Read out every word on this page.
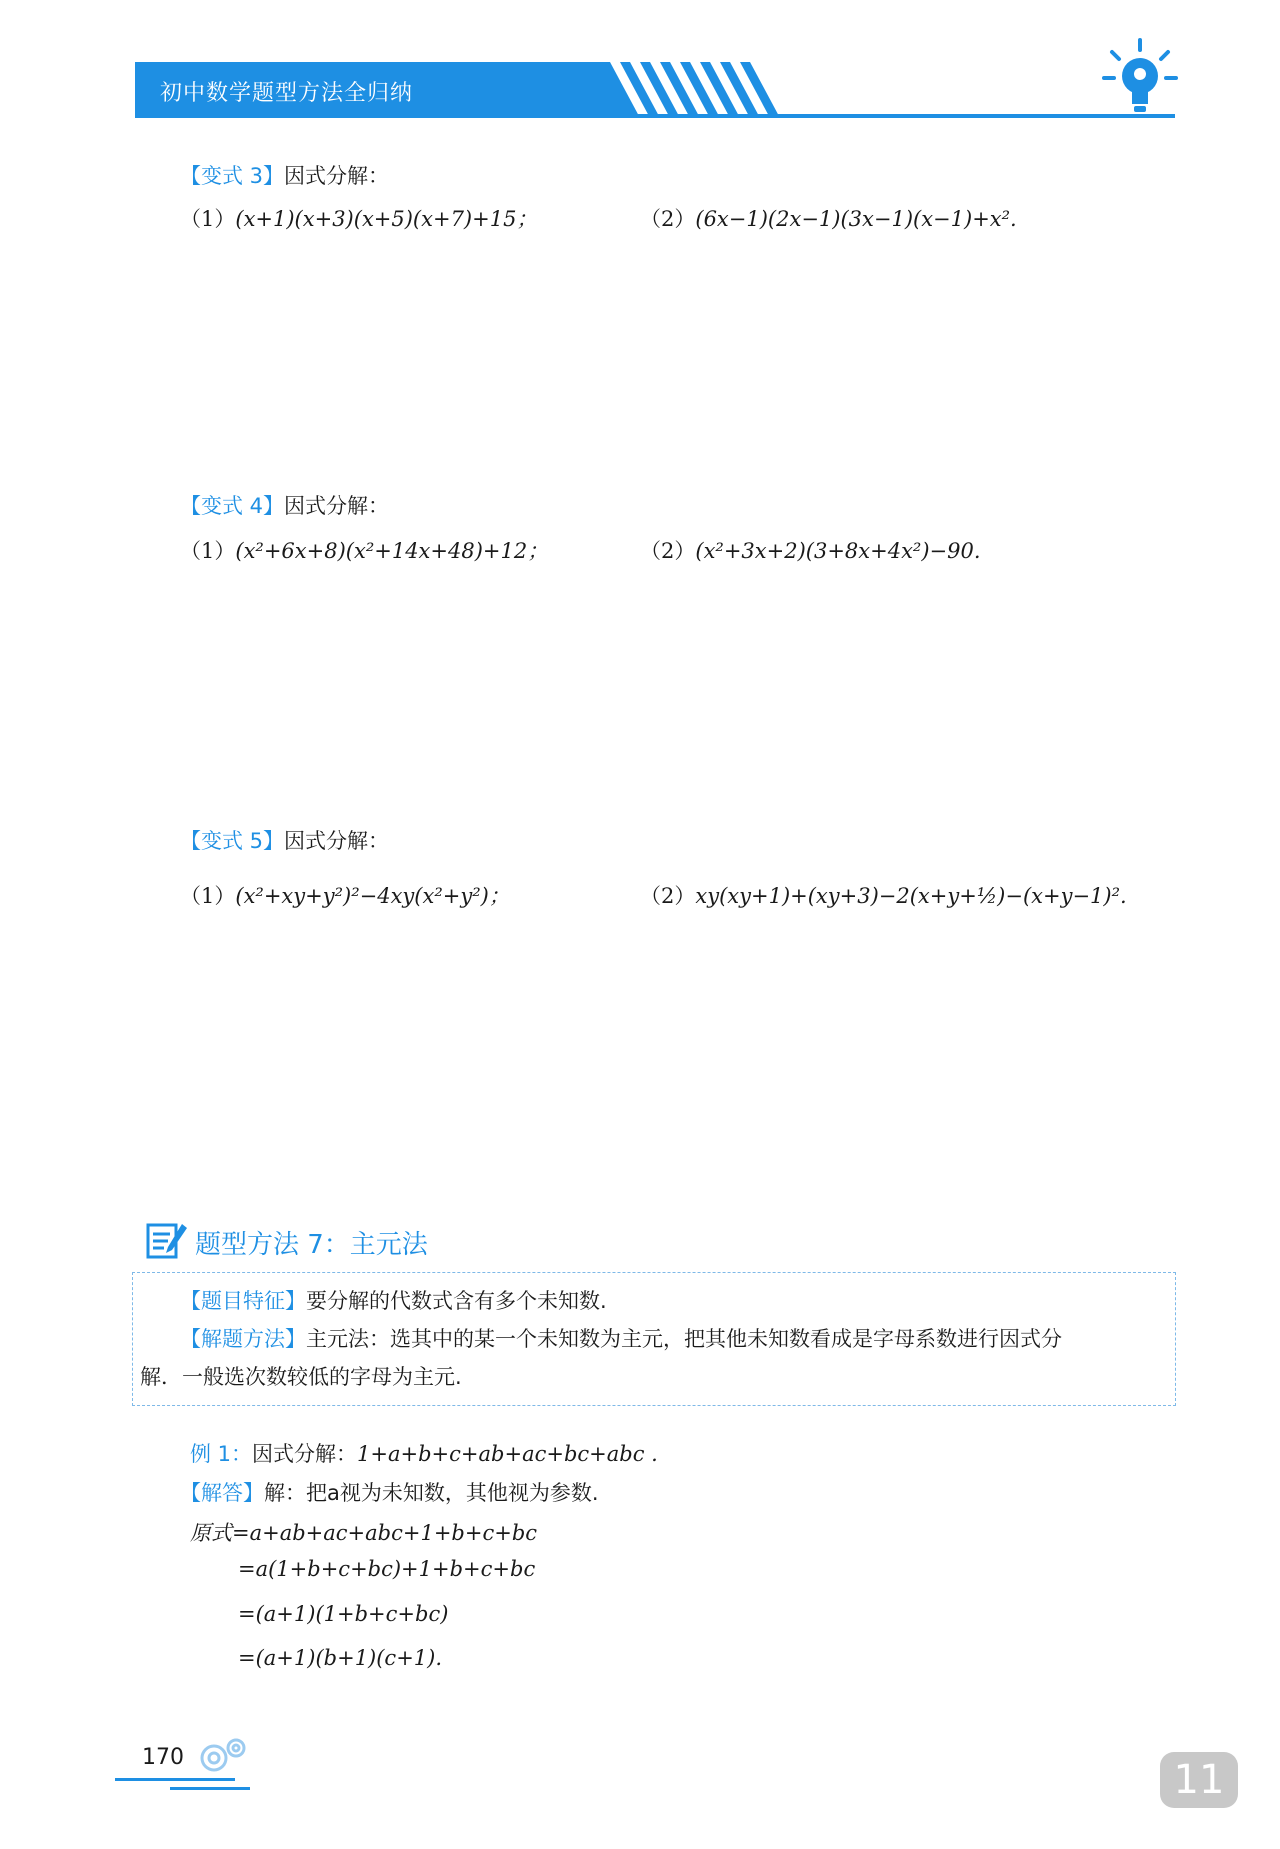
初中数学题型方法全归纳
【变式 3】因式分解：
（1）(x+1)(x+3)(x+5)(x+7)+15；	（2）(6x−1)(2x−1)(3x−1)(x−1)+x².
【变式 4】因式分解：
（1）(x²+6x+8)(x²+14x+48)+12；	（2）(x²+3x+2)(3+8x+4x²)−90.
【变式 5】因式分解：
（1）(x²+xy+y²)²−4xy(x²+y²)；	（2）xy(xy+1)+(xy+3)−2(x+y+½)−(x+y−1)².
题型方法 7：主元法
【题目特征】要分解的代数式含有多个未知数.
【解题方法】主元法：选其中的某一个未知数为主元，把其他未知数看成是字母系数进行因式分
解．一般选次数较低的字母为主元.
例 1：因式分解：1+a+b+c+ab+ac+bc+abc .
【解答】解：把a视为未知数，其他视为参数.
原式=a+ab+ac+abc+1+b+c+bc
=a(1+b+c+bc)+1+b+c+bc
=(a+1)(1+b+c+bc)
=(a+1)(b+1)(c+1).
170	11
